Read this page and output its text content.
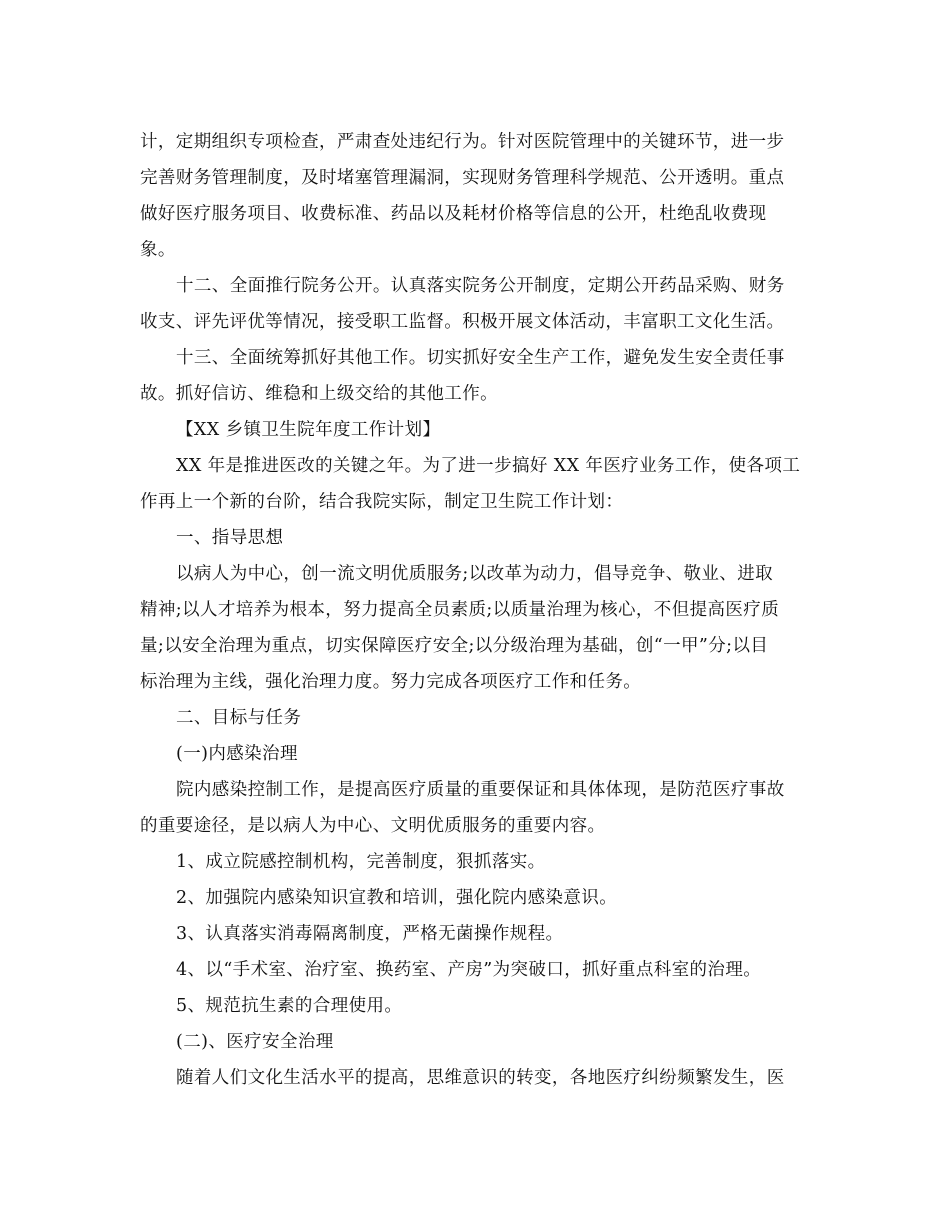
计，定期组织专项检查，严肃查处违纪行为。针对医院管理中的关键环节，进一步
完善财务管理制度，及时堵塞管理漏洞，实现财务管理科学规范、公开透明。重点
做好医疗服务项目、收费标准、药品以及耗材价格等信息的公开，杜绝乱收费现
象。

十二、全面推行院务公开。认真落实院务公开制度，定期公开药品采购、财务
收支、评先评优等情况，接受职工监督。积极开展文体活动，丰富职工文化生活。

十三、全面统筹抓好其他工作。切实抓好安全生产工作，避免发生安全责任事
故。抓好信访、维稳和上级交给的其他工作。

【XX 乡镇卫生院年度工作计划】

XX 年是推进医改的关键之年。为了进一步搞好 XX 年医疗业务工作，使各项工
作再上一个新的台阶，结合我院实际，制定卫生院工作计划：

一、指导思想

以病人为中心，创一流文明优质服务;以改革为动力，倡导竞争、敬业、进取
精神;以人才培养为根本，努力提高全员素质;以质量治理为核心，不但提高医疗质
量;以安全治理为重点，切实保障医疗安全;以分级治理为基础，创“一甲”分;以目
标治理为主线，强化治理力度。努力完成各项医疗工作和任务。

二、目标与任务

(一)内感染治理

院内感染控制工作，是提高医疗质量的重要保证和具体体现，是防范医疗事故
的重要途径，是以病人为中心、文明优质服务的重要内容。

1、成立院感控制机构，完善制度，狠抓落实。

2、加强院内感染知识宣教和培训，强化院内感染意识。

3、认真落实消毒隔离制度，严格无菌操作规程。

4、以“手术室、治疗室、换药室、产房”为突破口，抓好重点科室的治理。

5、规范抗生素的合理使用。

(二)、医疗安全治理

随着人们文化生活水平的提高，思维意识的转变，各地医疗纠纷频繁发生，医
